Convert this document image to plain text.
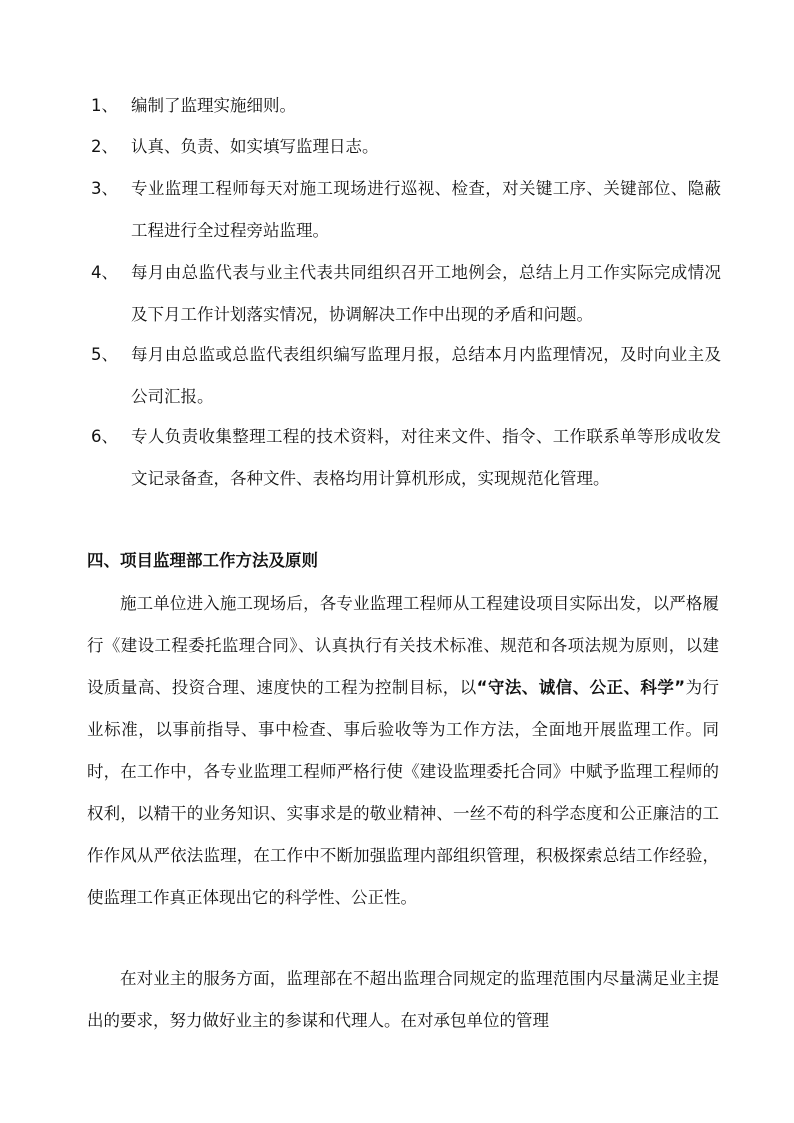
1、 编制了监理实施细则。
2、 认真、负责、如实填写监理日志。
3、 专业监理工程师每天对施工现场进行巡视、检查，对关键工序、关键部位、隐蔽工程进行全过程旁站监理。
4、 每月由总监代表与业主代表共同组织召开工地例会，总结上月工作实际完成情况及下月工作计划落实情况，协调解决工作中出现的矛盾和问题。
5、 每月由总监或总监代表组织编写监理月报，总结本月内监理情况，及时向业主及公司汇报。
6、 专人负责收集整理工程的技术资料，对往来文件、指令、工作联系单等形成收发文记录备查，各种文件、表格均用计算机形成，实现规范化管理。
四、项目监理部工作方法及原则
施工单位进入施工现场后，各专业监理工程师从工程建设项目实际出发，以严格履行《建设工程委托监理合同》、认真执行有关技术标准、规范和各项法规为原则，以建设质量高、投资合理、速度快的工程为控制目标，以“守法、诚信、公正、科学”为行业标准，以事前指导、事中检查、事后验收等为工作方法，全面地开展监理工作。同时，在工作中，各专业监理工程师严格行使《建设监理委托合同》中赋予监理工程师的权利，以精干的业务知识、实事求是的敬业精神、一丝不苟的科学态度和公正廉洁的工作作风从严依法监理，在工作中不断加强监理内部组织管理，积极探索总结工作经验，使监理工作真正体现出它的科学性、公正性。
在对业主的服务方面，监理部在不超出监理合同规定的监理范围内尽量满足业主提出的要求，努力做好业主的参谋和代理人。在对承包单位的管理
